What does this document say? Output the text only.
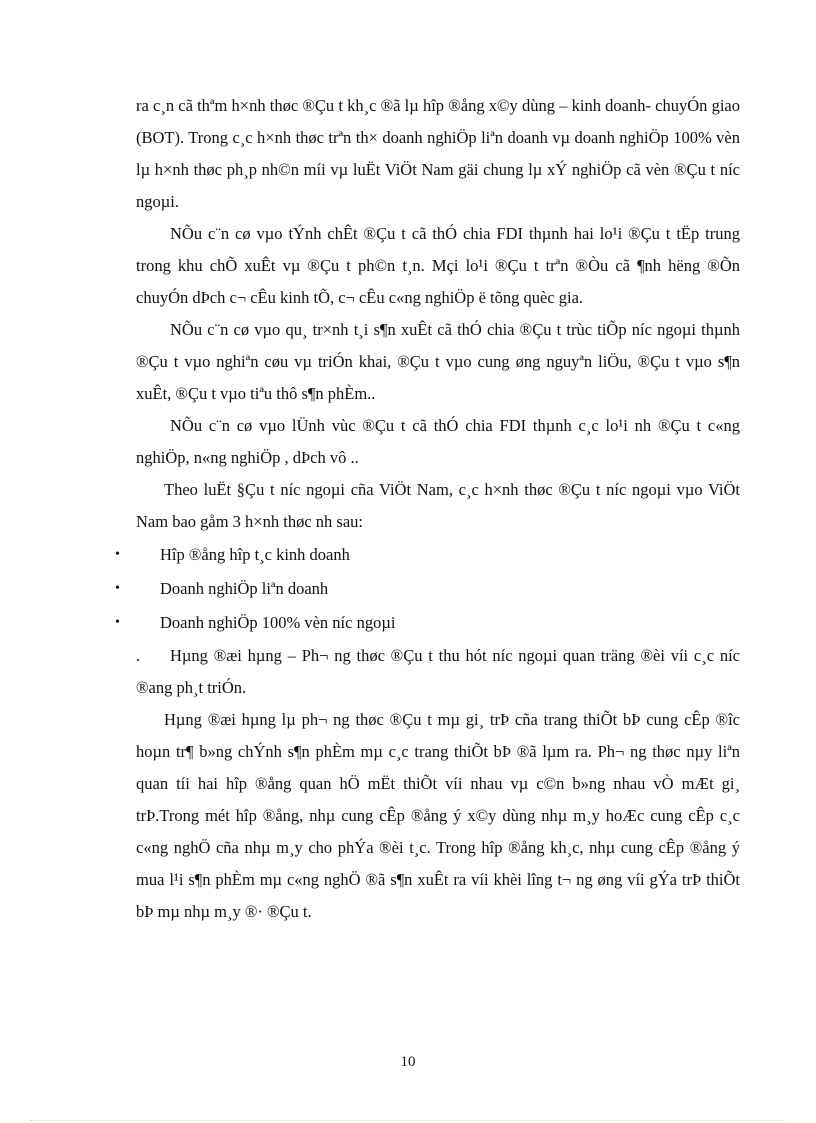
ra c¸n cã thªm h×nh thøc ®Çu t kh¸c ®ã lµ hîp ®ång x©y dùng – kinh doanh- chuyÓn giao (BOT). Trong c¸c h×nh thøc trªn th× doanh nghiÖp liªn doanh vµ doanh nghiÖp 100% vèn lµ h×nh thøc ph¸p nh©n míi vµ luËt ViÖt Nam gäi chung lµ xÝ nghiÖp cã vèn ®Çu t níc ngoµi.

NÕu c¨n cø vµo tÝnh chÊt ®Çu t cã thÓ chia FDI thµnh hai lo¹i ®Çu t tËp trung trong khu chÕ xuÊt vµ ®Çu t ph©n t¸n. Mçi lo¹i ®Çu t trªn ®Òu cã ¶nh hëng ®Õn chuyÓn dÞch c¬ cÊu kinh tÕ, c¬ cÊu c«ng nghiÖp ë tõng quèc gia.

NÕu c¨n cø vµo qu¸ tr×nh t¸i s¶n xuÊt cã thÓ chia ®Çu t trùc tiÕp níc ngoµi thµnh ®Çu t vµo nghiªn cøu vµ triÓn khai, ®Çu t vµo cung øng nguyªn liÖu, ®Çu t vµo s¶n xuÊt, ®Çu t vµo tiªu thô s¶n phÈm..

NÕu c¨n cø vµo lÜnh vùc ®Çu t cã thÓ chia FDI thµnh c¸c lo¹i nh ®Çu t c«ng nghiÖp, n«ng nghiÖp , dÞch vô ..

Theo luËt §Çu t níc ngoµi cña ViÖt Nam, c¸c h×nh thøc ®Çu t níc ngoµi vµo ViÖt Nam bao gåm 3 h×nh thøc nh sau:

• Hîp ®ång hîp t¸c kinh doanh
• Doanh nghiÖp liªn doanh
• Doanh nghiÖp 100% vèn níc ngoµi

. Hµng ®æi hµng – Ph¬ ng thøc ®Çu t thu hót níc ngoµi quan träng ®èi víi c¸c níc ®ang ph¸t triÓn.

Hµng ®æi hµng lµ ph¬ ng thøc ®Çu t mµ gi¸ trÞ cña trang thiÕt bÞ cung cÊp ®îc hoµn tr¶ b»ng chÝnh s¶n phÈm mµ c¸c trang thiÕt bÞ ®ã lµm ra. Ph¬ ng thøc nµy liªn quan tíi hai hîp ®ång quan hÖ mËt thiÕt víi nhau vµ c©n b»ng nhau vÒ mÆt gi¸ trÞ.Trong mét hîp ®ång, nhµ cung cÊp ®ång ý x©y dùng nhµ m¸y hoÆc cung cÊp c¸c c«ng nghÖ cña nhµ m¸y cho phÝa ®èi t¸c. Trong hîp ®ång kh¸c, nhµ cung cÊp ®ång ý mua l¹i s¶n phÈm mµ c«ng nghÖ ®ã s¶n xuÊt ra víi khèi lîng t¬ ng øng víi gÝa trÞ thiÕt bÞ mµ nhµ m¸y ®· ®Çu t.

10
